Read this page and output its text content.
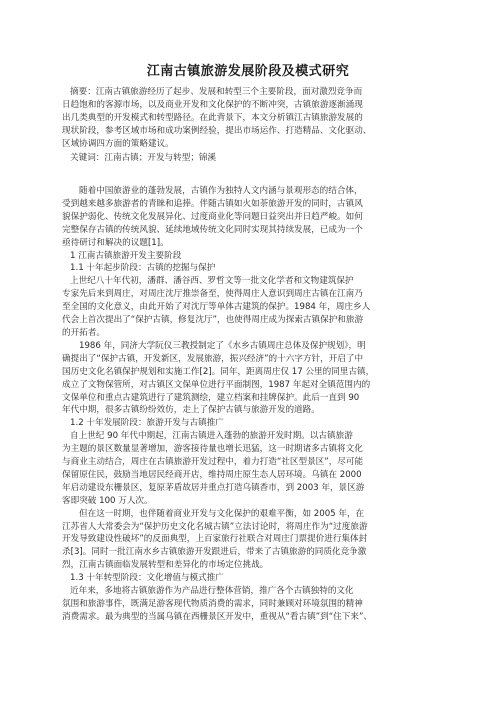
江南古镇旅游发展阶段及模式研究
摘要：江南古镇旅游经历了起步、发展和转型三个主要阶段，面对激烈竞争而
日趋饱和的客源市场，以及商业开发和文化保护的不断冲突，古镇旅游逐渐涌现
出几类典型的开发模式和转型路径。在此背景下，本文分析镇江古镇旅游发展的
现状阶段，参考区域市场和成功案例经验，提出市场运作、打造精品、文化驱动、
区域协调四方面的策略建议。
关键词：江南古镇；开发与转型；锦溪
随着中国旅游业的蓬勃发展，古镇作为独特人文内涵与景观形态的结合体，
受到越来越多旅游者的青睐和追捧。伴随古镇如火如荼旅游开发的同时，古镇风
貌保护弱化、传统文化发展异化、过度商业化等问题日益突出并日趋严峻。如何
完整保存古镇的传统风貌、延续地域传统文化同时实现其持续发展，已成为一个
亟待研讨和解决的议题[1]。
1 江南古镇旅游开发主要阶段
1.1 十年起步阶段：古镇的挖掘与保护
上世纪八十年代初，潘群、潘谷西、罗哲文等一批文化学者和文物建筑保护
专家先后来到周庄，对周庄沈厅推崇备至，使得周庄人意识到周庄古镇在江南乃
至全国的文化意义，由此开始了对沈厅等单体古建筑的保护。1984 年，周庄乡人
代会上首次提出了“保护古镇，修复沈厅”，也使得周庄成为探索古镇保护和旅游
的开拓者。
1986 年，同济大学阮仪三教授制定了《水乡古镇周庄总体及保护规划》，明
确提出了“保护古镇，开发新区，发展旅游，振兴经济”的十六字方针，开启了中
国历史文化名镇保护规划和实施工作[2]。同年，距离周庄仅 17 公里的同里古镇，
成立了文物保管所，对古镇区文保单位进行平面制图，1987 年起对全镇范围内的
文保单位和重点古建筑进行了建筑测绘，建立档案和挂牌保护。此后一直到 90
年代中期，很多古镇纷纷效仿，走上了保护古镇与旅游开发的道路。
1.2 十年发展阶段：旅游开发与古镇推广
自上世纪 90 年代中期起，江南古镇进入蓬勃的旅游开发时期。以古镇旅游
为主题的景区数量显著增加，游客接待量也增长迅猛，这一时期诸多古镇将文化
与商业主动结合，周庄在古镇旅游开发过程中，着力打造“社区型景区”，尽可能
保留原住民，鼓励当地居民经商开店，维持周庄原生态人居环境。乌镇在 2000
年启动建设东栅景区，复原茅盾故居并重点打造乌镇香市，到 2003 年，景区游
客即突破 100 万人次。
但在这一时期，也伴随着商业开发与文化保护的艰难平衡，如 2005 年，在
江苏省人大常委会为“保护历史文化名城古镇”立法讨论时，将周庄作为“过度旅游
开发导致建设性破坏”的反面典型，上百家旅行社联合对周庄门票提价进行集体封
杀[3]。同时一批江南水乡古镇旅游开发跟进后，带来了古镇旅游的同质化竞争激
烈，江南古镇面临发展转型和差异化的市场定位挑战。
1.3 十年转型阶段：文化增值与模式推广
近年来，多地将古镇旅游作为产品进行整体营销，推广各个古镇独特的文化
氛围和旅游事件，既满足游客现代物质消费的需求，同时兼顾对环境氛围的精神
消费需求。最为典型的当属乌镇在西栅景区开发中，重视从“看古镇”到“住下来”、
